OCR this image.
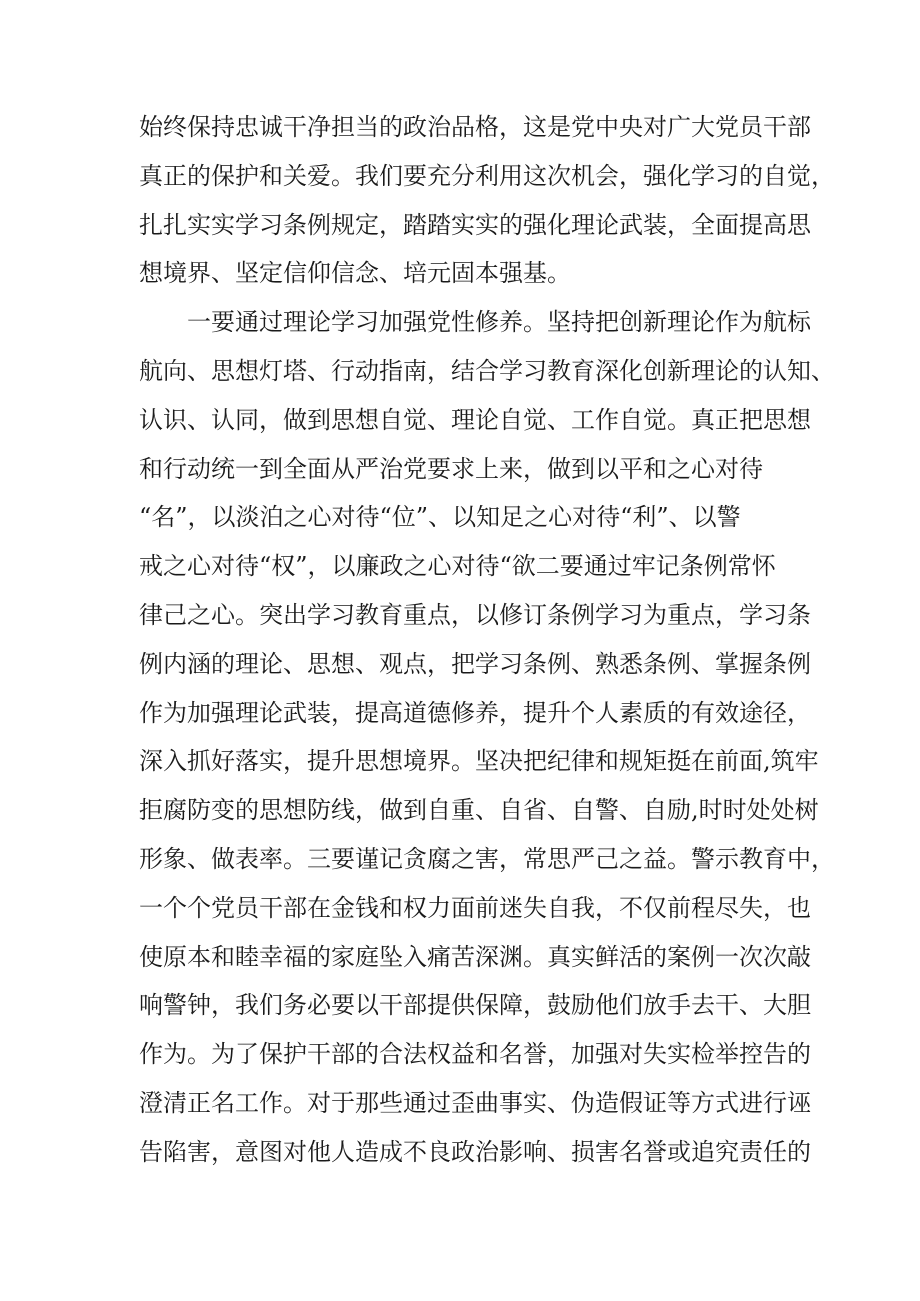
始终保持忠诚干净担当的政治品格，这是党中央对广大党员干部
真正的保护和关爱。我们要充分利用这次机会，强化学习的自觉，
扎扎实实学习条例规定，踏踏实实的强化理论武装，全面提高思
想境界、坚定信仰信念、培元固本强基。
一要通过理论学习加强党性修养。坚持把创新理论作为航标
航向、思想灯塔、行动指南，结合学习教育深化创新理论的认知、
认识、认同，做到思想自觉、理论自觉、工作自觉。真正把思想
和行动统一到全面从严治党要求上来，做到以平和之心对待
“名”，以淡泊之心对待“位”、以知足之心对待“利”、以警
戒之心对待“权”，以廉政之心对待“欲二要通过牢记条例常怀
律己之心。突出学习教育重点，以修订条例学习为重点，学习条
例内涵的理论、思想、观点，把学习条例、熟悉条例、掌握条例
作为加强理论武装，提高道德修养，提升个人素质的有效途径，
深入抓好落实，提升思想境界。坚决把纪律和规矩挺在前面,筑牢
拒腐防变的思想防线，做到自重、自省、自警、自励,时时处处树
形象、做表率。三要谨记贪腐之害，常思严己之益。警示教育中，
一个个党员干部在金钱和权力面前迷失自我，不仅前程尽失，也
使原本和睦幸福的家庭坠入痛苦深渊。真实鲜活的案例一次次敲
响警钟，我们务必要以干部提供保障，鼓励他们放手去干、大胆
作为。为了保护干部的合法权益和名誉，加强对失实检举控告的
澄清正名工作。对于那些通过歪曲事实、伪造假证等方式进行诬
告陷害，意图对他人造成不良政治影响、损害名誉或追究责任的
